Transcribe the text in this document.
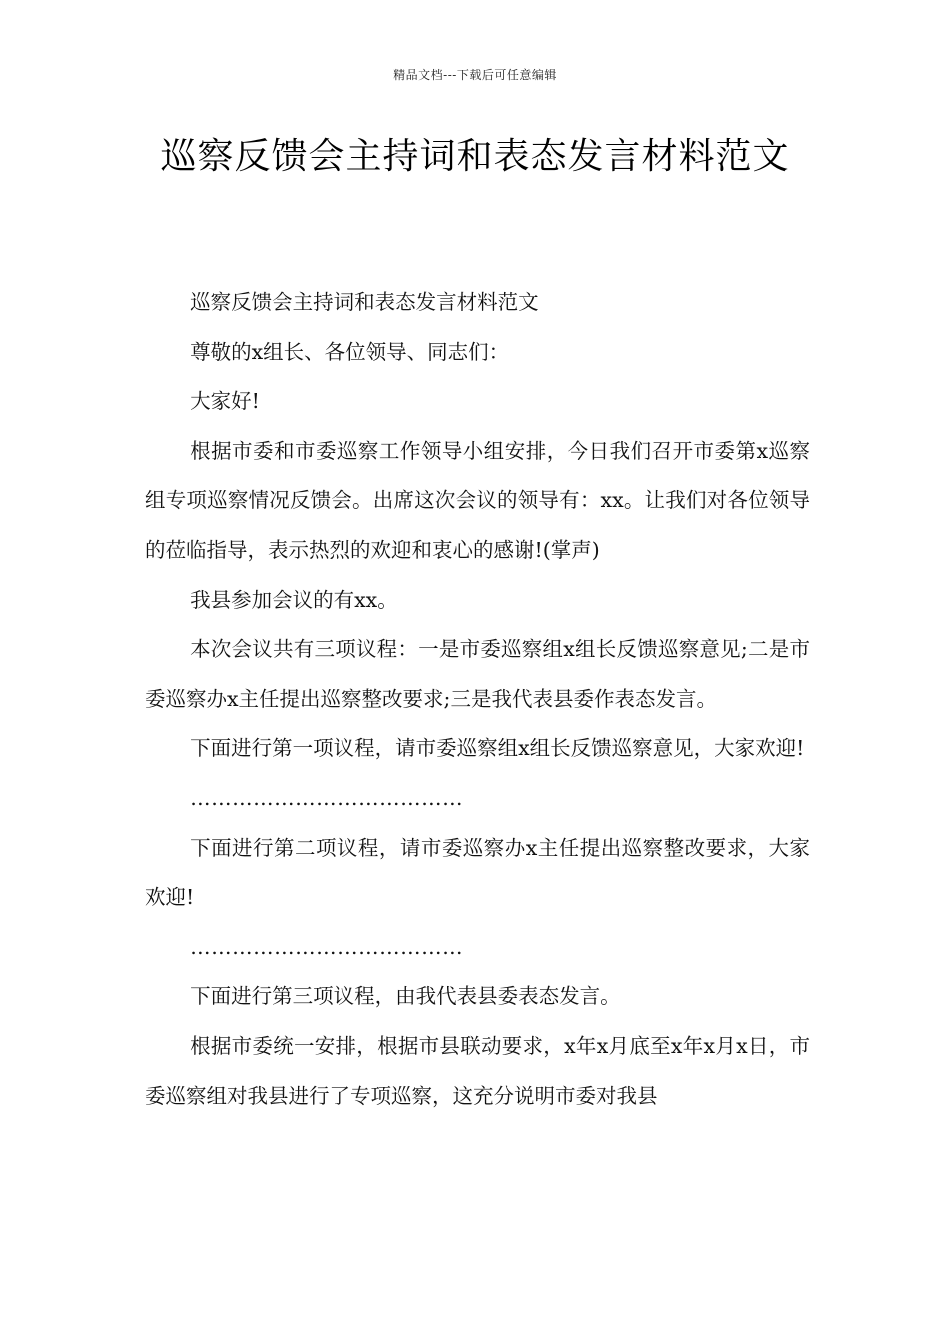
精品文档---下载后可任意编辑
巡察反馈会主持词和表态发言材料范文

巡察反馈会主持词和表态发言材料范文

尊敬的x组长、各位领导、同志们：

大家好!

根据市委和市委巡察工作领导小组安排，今日我们召开市委第x巡察组专项巡察情况反馈会。出席这次会议的领导有：xx。让我们对各位领导的莅临指导，表示热烈的欢迎和衷心的感谢!(掌声)

我县参加会议的有xx。

本次会议共有三项议程：一是市委巡察组x组长反馈巡察意见;二是市委巡察办x主任提出巡察整改要求;三是我代表县委作表态发言。

下面进行第一项议程，请市委巡察组x组长反馈巡察意见，大家欢迎!

…………………………………

下面进行第二项议程，请市委巡察办x主任提出巡察整改要求，大家欢迎!

…………………………………

下面进行第三项议程，由我代表县委表态发言。

根据市委统一安排，根据市县联动要求，x年x月底至x年x月x日，市委巡察组对我县进行了专项巡察，这充分说明市委对我县
